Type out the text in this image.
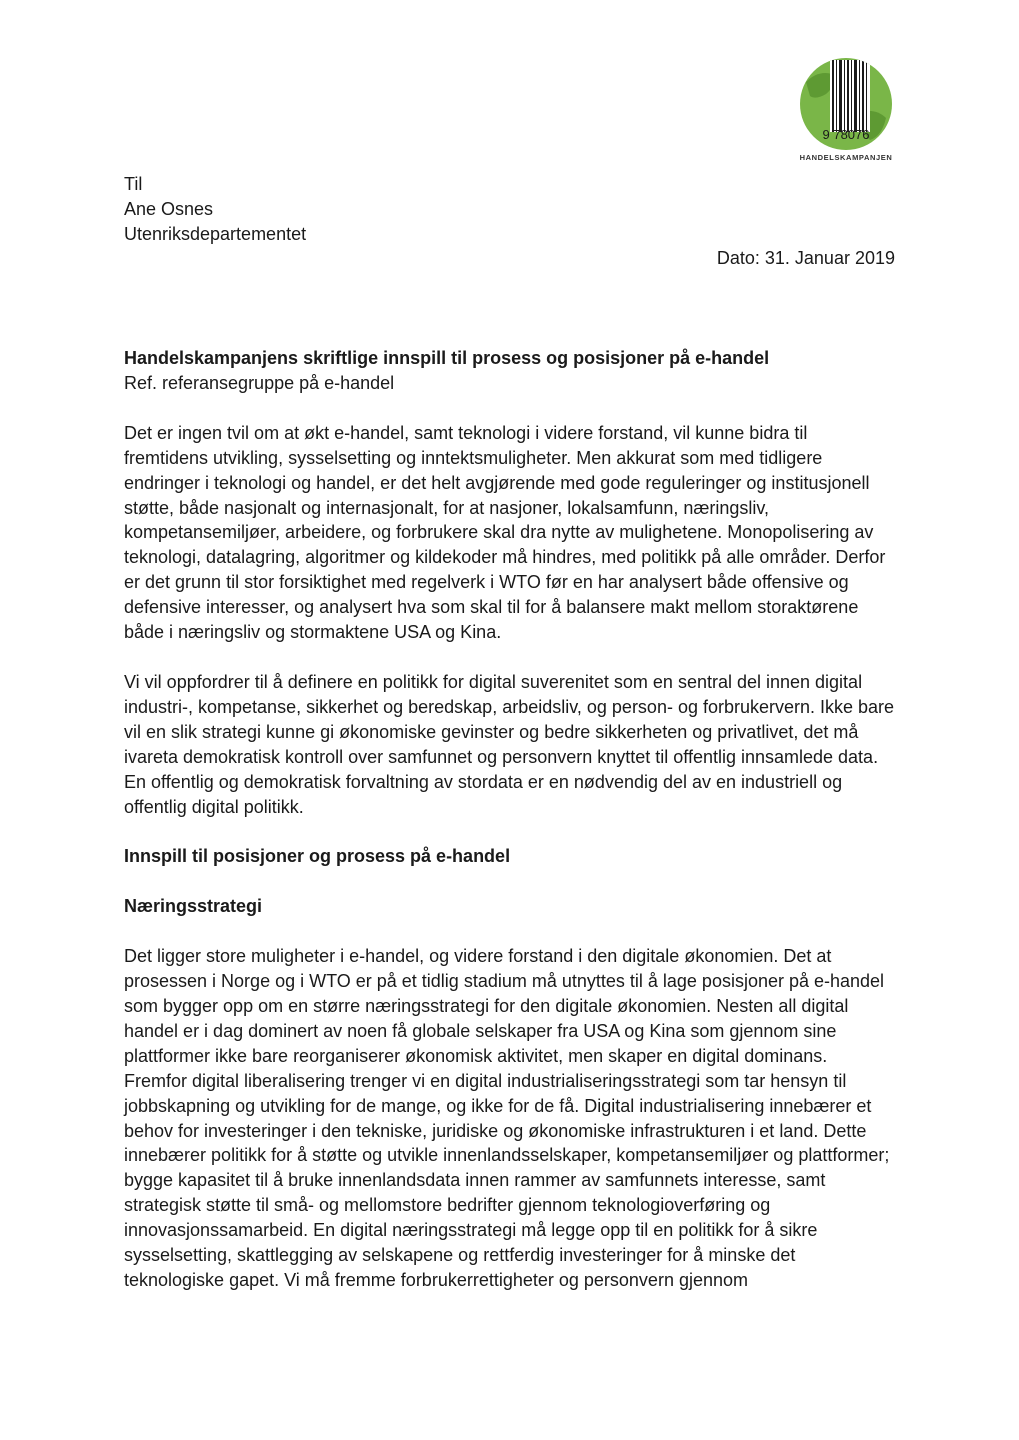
9 78076
HANDELSKAMPANJEN
Til
Ane Osnes
Utenriksdepartementet
Dato: 31. Januar 2019

Handelskampanjens skriftlige innspill til prosess og posisjoner på e-handel

Ref. referansegruppe på e-handel

Det er ingen tvil om at økt e-handel, samt teknologi i videre forstand, vil kunne bidra til fremtidens utvikling, sysselsetting og inntektsmuligheter. Men akkurat som med tidligere endringer i teknologi og handel, er det helt avgjørende med gode reguleringer og institusjonell støtte, både nasjonalt og internasjonalt, for at nasjoner, lokalsamfunn, næringsliv, kompetansemiljøer, arbeidere, og forbrukere skal dra nytte av mulighetene. Monopolisering av teknologi, datalagring, algoritmer og kildekoder må hindres, med politikk på alle områder. Derfor er det grunn til stor forsiktighet med regelverk i WTO før en har analysert både offensive og defensive interesser, og analysert hva som skal til for å balansere makt mellom storaktørene både i næringsliv og stormaktene USA og Kina.

Vi vil oppfordrer til å definere en politikk for digital suverenitet som en sentral del innen digital industri-, kompetanse, sikkerhet og beredskap, arbeidsliv, og person- og forbrukervern. Ikke bare vil en slik strategi kunne gi økonomiske gevinster og bedre sikkerheten og privatlivet, det må ivareta demokratisk kontroll over samfunnet og personvern knyttet til offentlig innsamlede data. En offentlig og demokratisk forvaltning av stordata er en nødvendig del av en industriell og offentlig digital politikk.

Innspill til posisjoner og prosess på e-handel

Næringsstrategi

Det ligger store muligheter i e-handel, og videre forstand i den digitale økonomien. Det at prosessen i Norge og i WTO er på et tidlig stadium må utnyttes til å lage posisjoner på e-handel som bygger opp om en større næringsstrategi for den digitale økonomien. Nesten all digital handel er i dag dominert av noen få globale selskaper fra USA og Kina som gjennom sine plattformer ikke bare reorganiserer økonomisk aktivitet, men skaper en digital dominans.

Fremfor digital liberalisering trenger vi en digital industrialiseringsstrategi som tar hensyn til jobbskapning og utvikling for de mange, og ikke for de få. Digital industrialisering innebærer et behov for investeringer i den tekniske, juridiske og økonomiske infrastrukturen i et land. Dette innebærer politikk for å støtte og utvikle innenlandsselskaper, kompetansemiljøer og plattformer; bygge kapasitet til å bruke innenlandsdata innen rammer av samfunnets interesse, samt strategisk støtte til små- og mellomstore bedrifter gjennom teknologioverføring og innovasjonssamarbeid. En digital næringsstrategi må legge opp til en politikk for å sikre sysselsetting, skattlegging av selskapene og rettferdig investeringer for å minske det teknologiske gapet. Vi må fremme forbrukerrettigheter og personvern gjennom
